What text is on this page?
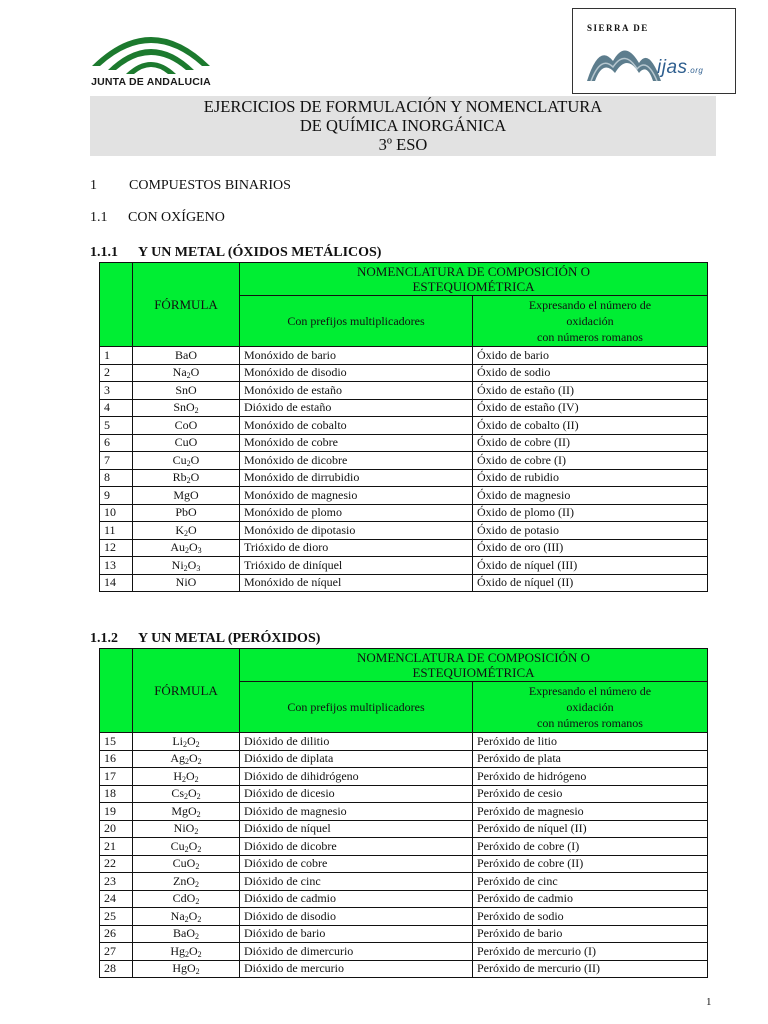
JUNTA DE ANDALUCIA
SIERRA DE
ijas.org
EJERCICIOS DE FORMULACIÓN Y NOMENCLATURA
DE QUÍMICA INORGÁNICA
3º ESO
1 COMPUESTOS BINARIOS
1.1 CON OXÍGENO
1.1.1 Y UN METAL (ÓXIDOS METÁLICOS)
	FÓRMULA	NOMENCLATURA DE COMPOSICIÓN O
ESTEQUIOMÉTRICA	

		Con prefijos multiplicadores	Expresando el número de
oxidación
con números romanos

1	BaO	Monóxido de bario	Óxido de bario
2	$Na_2O$	Monóxido de disodio	Óxido de sodio
3	SnO	Monóxido de estaño	Óxido de estaño (II)
4	SnO$_2$	Dióxido de estaño	Óxido de estaño (IV)
5	CoO	Monóxido de cobalto	Óxido de cobalto (II)
6	CuO	Monóxido de cobre	Óxido de cobre (II)
7	$Cu_2O$	Monóxido de dicobre	Óxido de cobre (I)
8	$Rb_2O$	Monóxido de dirrubidio	Óxido de rubidio
9	MgO	Monóxido de magnesio	Óxido de magnesio
10	PbO	Monóxido de plomo	Óxido de plomo (II)
11	$K_2O$	Monóxido de dipotasio	Óxido de potasio
12	$Au_2O_3$	Trióxido de dioro	Óxido de oro (III)
13	$Ni_2O_3$	Trióxido de diníquel	Óxido de níquel (III)
14	NiO	Monóxido de níquel	Óxido de níquel (II)
1.1.2 Y UN METAL (PERÓXIDOS)
	FÓRMULA	NOMENCLATURA DE COMPOSICIÓN O
ESTEQUIOMÉTRICA	

		Con prefijos multiplicadores	Expresando el número de
oxidación
con números romanos

15	$Li_2O_2$	Dióxido de dilitio	Peróxido de litio
16	$Ag_2O_2$	Dióxido de diplata	Peróxido de plata
17	$H_2O_2$	Dióxido de dihidrógeno	Peróxido de hidrógeno
18	$Cs_2O_2$	Dióxido de dicesio	Peróxido de cesio
19	MgO$_2$	Dióxido de magnesio	Peróxido de magnesio
20	NiO$_2$	Dióxido de níquel	Peróxido de níquel (II)
21	$Cu_2O_2$	Dióxido de dicobre	Peróxido de cobre (I)
22	CuO$_2$	Dióxido de cobre	Peróxido de cobre (II)
23	ZnO$_2$	Dióxido de cinc	Peróxido de cinc
24	CdO$_2$	Dióxido de cadmio	Peróxido de cadmio
25	$Na_2O_2$	Dióxido de disodio	Peróxido de sodio
26	BaO$_2$	Dióxido de bario	Peróxido de bario
27	$Hg_2O_2$	Dióxido de dimercurio	Peróxido de mercurio (I)
28	HgO$_2$	Dióxido de mercurio	Peróxido de mercurio (II)
1
